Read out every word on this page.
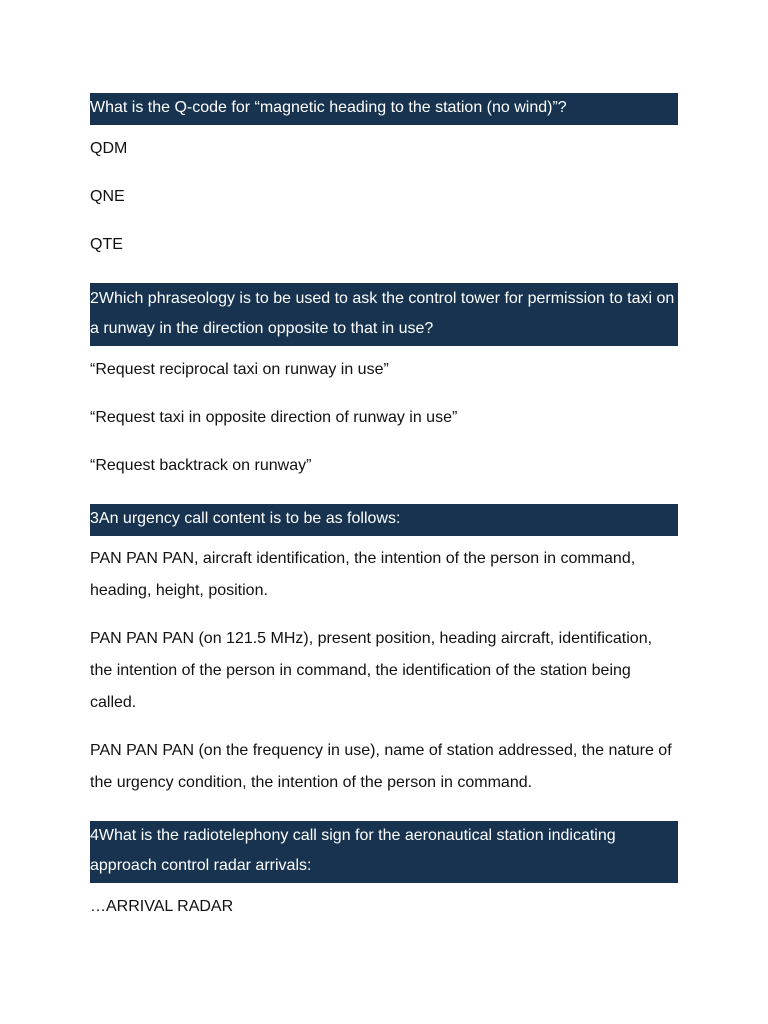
What is the Q-code for “magnetic heading to the station (no wind)”?

QDM

QNE

QTE

2Which phraseology is to be used to ask the control tower for permission to taxi on a runway in the direction opposite to that in use?

“Request reciprocal taxi on runway in use”

“Request taxi in opposite direction of runway in use”

“Request backtrack on runway”

3An urgency call content is to be as follows:

PAN PAN PAN, aircraft identification, the intention of the person in command, heading, height, position.

PAN PAN PAN (on 121.5 MHz), present position, heading aircraft, identification, the intention of the person in command, the identification of the station being called.

PAN PAN PAN (on the frequency in use), name of station addressed, the nature of the urgency condition, the intention of the person in command.

4What is the radiotelephony call sign for the aeronautical station indicating approach control radar arrivals:

…ARRIVAL RADAR
